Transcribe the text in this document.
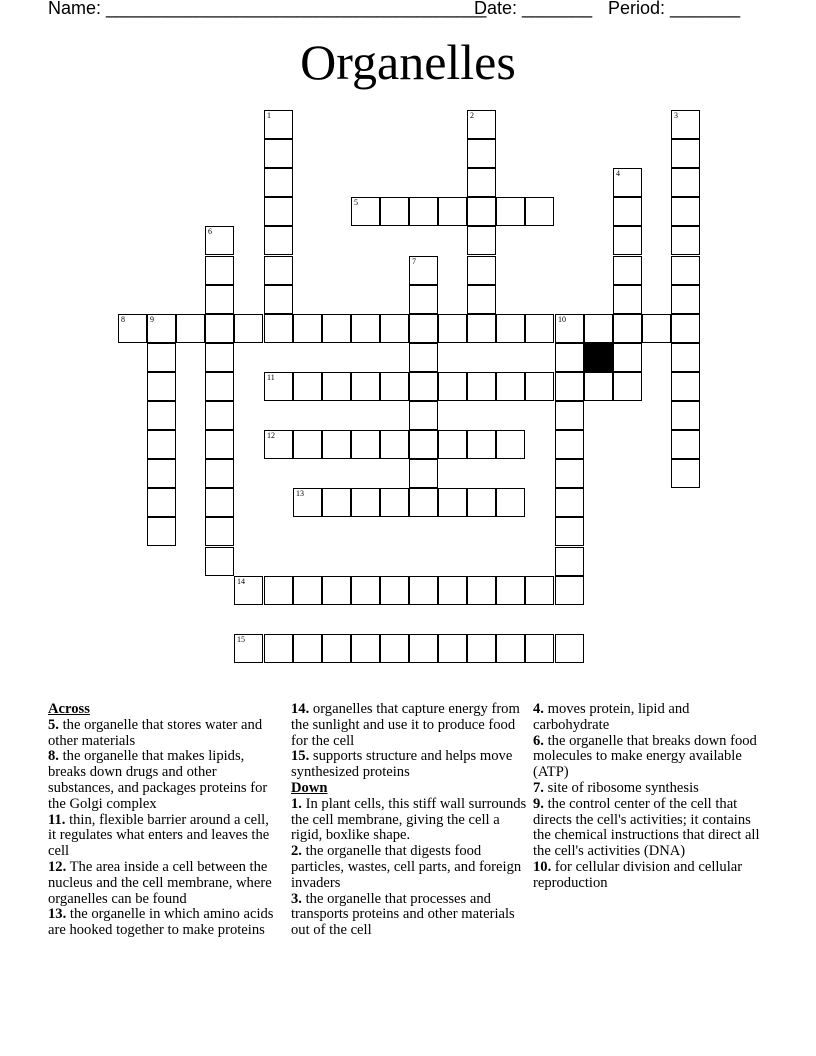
Name: ______________________________________

Date: _______

Period: _______

Organelles
1	2	3
4
5
6
7
8	9	10
11
12
13
14
15
Across
5. the organelle that stores water and other materials
8. the organelle that makes lipids, breaks down drugs and other substances, and packages proteins for the Golgi complex
11. thin, flexible barrier around a cell, it regulates what enters and leaves the cell
12. The area inside a cell between the nucleus and the cell membrane, where organelles can be found
13. the organelle in which amino acids are hooked together to make proteins
14. organelles that capture energy from the sunlight and use it to produce food for the cell
15. supports structure and helps move synthesized proteins
Down
1. In plant cells, this stiff wall surrounds the cell membrane, giving the cell a rigid, boxlike shape.
2. the organelle that digests food particles, wastes, cell parts, and foreign invaders
3. the organelle that processes and transports proteins and other materials out of the cell
4. moves protein, lipid and carbohydrate
6. the organelle that breaks down food molecules to make energy available (ATP)
7. site of ribosome synthesis
9. the control center of the cell that directs the cell's activities; it contains the chemical instructions that direct all the cell's activities (DNA)
10. for cellular division and cellular reproduction
